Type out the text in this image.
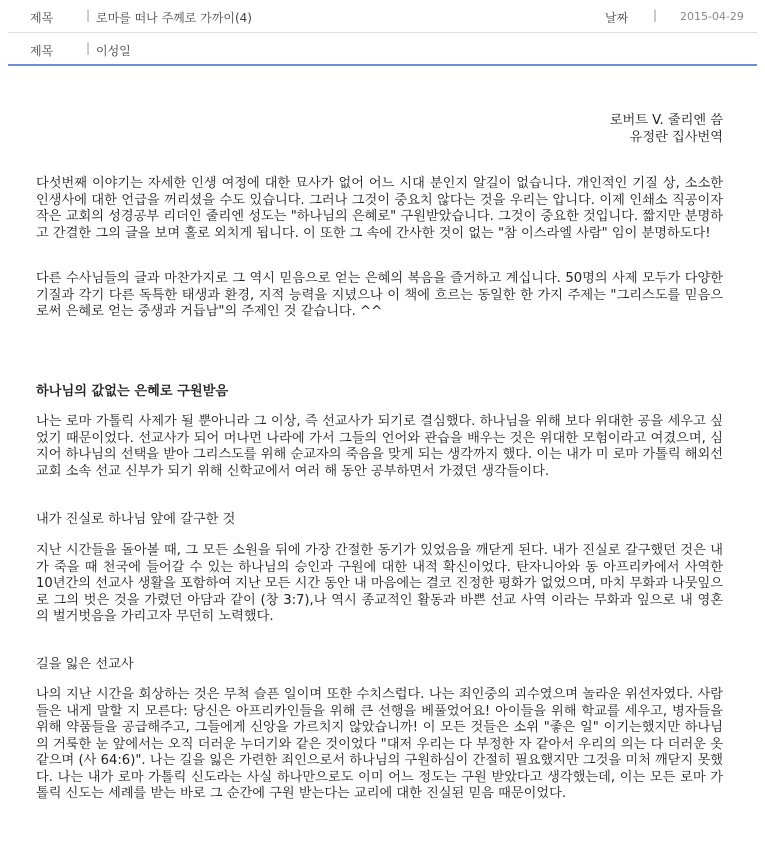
제목	| 로마를 떠나 주께로 가까이(4)	날짜 | 2015-04-29
제목	| 이성일

로버트 V. 줄리엔 씀

유정란 집사번역

다섯번째 이야기는 자세한 인생 여정에 대한 묘사가 없어 어느 시대 분인지 알길이 없습니다. 개인적인 기질 상, 소소한 인생사에 대한 언급을 꺼리셨을 수도 있습니다. 그러나 그것이 중요치 않다는 것을 우리는 압니다. 이제 인쇄소 직공이자 작은 교회의 성경공부 리더인 줄리엔 성도는 "하나님의 은혜로" 구원받았습니다. 그것이 중요한 것입니다. 짧지만 분명하고 간결한 그의 글을 보며 홀로 외치게 됩니다. 이 또한 그 속에 간사한 것이 없는 "참 이스라엘 사람" 임이 분명하도다!

다른 수사님들의 글과 마찬가지로 그 역시 믿음으로 얻는 은혜의 복음을 즐거하고 계십니다. 50명의 사제 모두가 다양한 기질과 각기 다른 독특한 태생과 환경, 지적 능력을 지녔으나 이 책에 흐르는 동일한 한 가지 주제는 "그리스도를 믿음으로써 은혜로 얻는 중생과 거듭남"의 주제인 것 같습니다. ^^

하나님의 값없는 은혜로 구원받음

나는 로마 가톨릭 사제가 될 뿐아니라 그 이상, 즉 선교사가 되기로 결심했다. 하나님을 위해 보다 위대한 공을 세우고 싶었기 때문이었다. 선교사가 되어 머나먼 나라에 가서 그들의 언어와 관습을 배우는 것은 위대한 모험이라고 여겼으며, 심지어 하나님의 선택을 받아 그리스도를 위해 순교자의 죽음을 맞게 되는 생각까지 했다. 이는 내가 미 로마 가톨릭 해외선교회 소속 선교 신부가 되기 위해 신학교에서 여러 해 동안 공부하면서 가졌던 생각들이다.

내가 진실로 하나님 앞에 갈구한 것

지난 시간들을 돌아볼 때, 그 모든 소원을 뒤에 가장 간절한 동기가 있었음을 깨닫게 된다. 내가 진실로 갈구했던 것은 내가 죽을 때 천국에 들어갈 수 있는 하나님의 승인과 구원에 대한 내적 확신이었다. 탄자니아와 동 아프리카에서 사역한 10년간의 선교사 생활을 포함하여 지난 모든 시간 동안 내 마음에는 결코 진정한 평화가 없었으며, 마치 무화과 나뭇잎으로 그의 벗은 것을 가렸던 아담과 같이 (창 3:7),나 역시 종교적인 활동과 바쁜 선교 사역 이라는 무화과 잎으로 내 영혼의 벌거벗음을 가리고자 무던히 노력했다.

길을 잃은 선교사

나의 지난 시간을 회상하는 것은 무척 슬픈 일이며 또한 수치스럽다. 나는 죄인중의 괴수였으며 놀라운 위선자였다. 사람들은 내게 말할 지 모른다: 당신은 아프리카인들을 위해 큰 선행을 베풀었어요! 아이들을 위해 학교를 세우고, 병자들을 위해 약품들을 공급해주고, 그들에게 신앙을 가르치지 않았습니까! 이 모든 것들은 소위 "좋은 일" 이기는했지만 하나님의 거룩한 눈 앞에서는 오직 더러운 누더기와 같은 것이었다 "대저 우리는 다 부정한 자 같아서 우리의 의는 다 더러운 옷 같으며 (사 64:6)". 나는 길을 잃은 가련한 죄인으로서 하나님의 구원하심이 간절히 필요했지만 그것을 미처 깨닫지 못했다. 나는 내가 로마 가톨릭 신도라는 사실 하나만으로도 이미 어느 정도는 구원 받았다고 생각했는데, 이는 모든 로마 가톨릭 신도는 세례를 받는 바로 그 순간에 구원 받는다는 교리에 대한 진실된 믿음 때문이었다.
